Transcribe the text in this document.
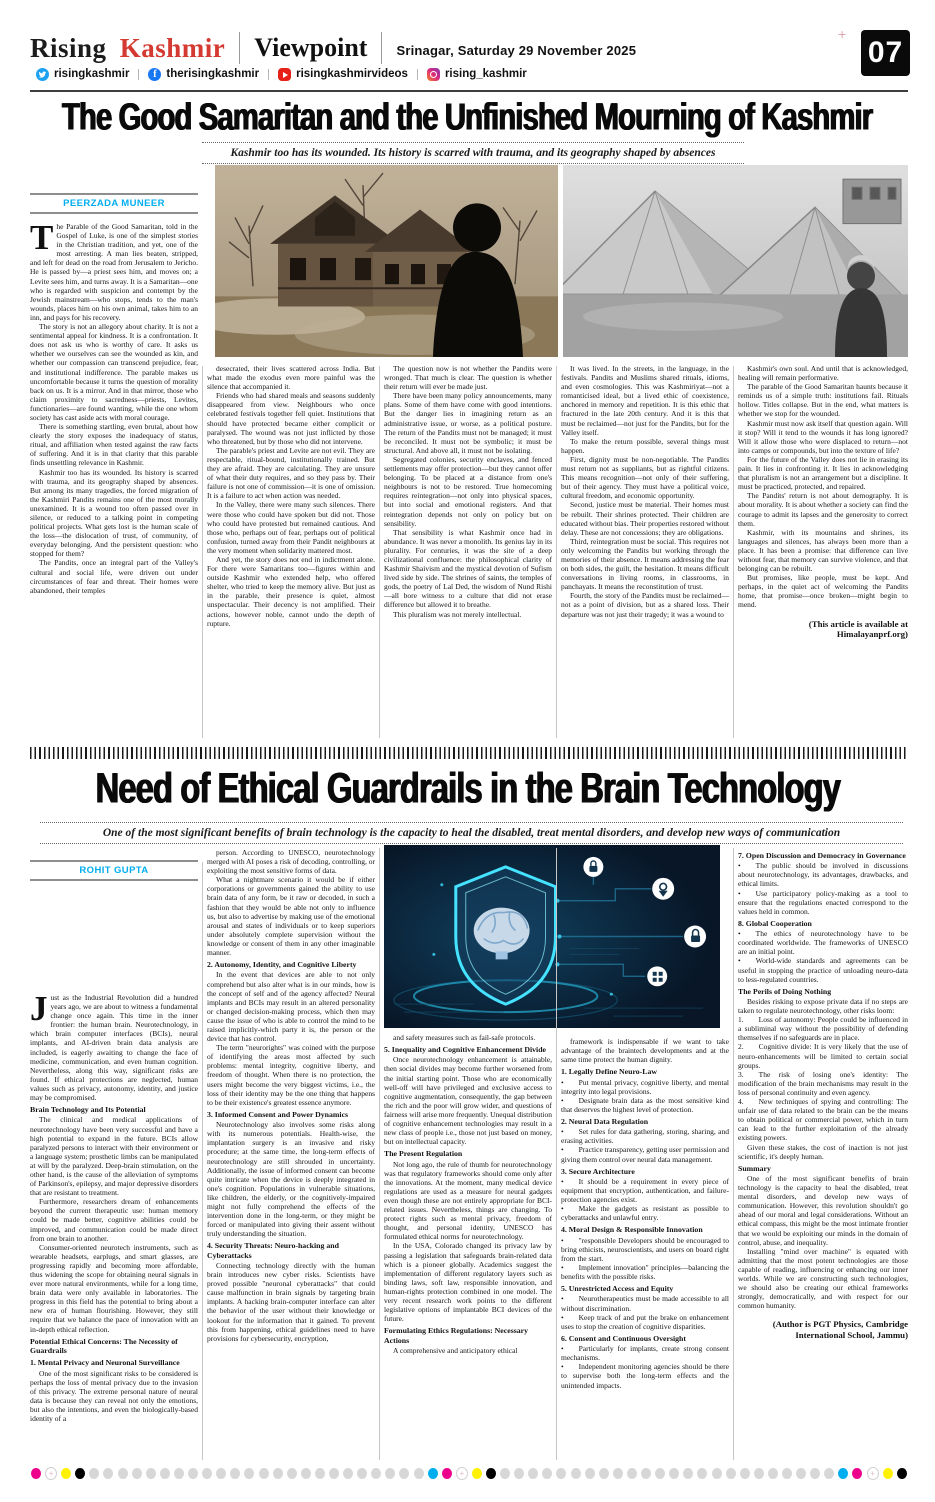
Rising Kashmir Viewpoint Srinagar, Saturday 29 November 2025
risingkashmir	f therisingkashmir	risingkashmirvideos	rising_kashmir
+
07
The Good Samaritan and the Unfinished Mourning of Kashmir
Kashmir too has its wounded. Its history is scarred with trauma, and its geography shaped by absences
PEERZADA MUNEER

The Parable of the Good Samaritan, told in the Gospel of Luke, is one of the simplest stories in the Christian tradition, and yet, one of the most arresting. A man lies beaten, stripped, and left for dead on the road from Jerusalem to Jericho. He is passed by—a priest sees him, and moves on; a Levite sees him, and turns away. It is a Samaritan—one who is regarded with suspicion and contempt by the Jewish mainstream—who stops, tends to the man's wounds, places him on his own animal, takes him to an inn, and pays for his recovery.

The story is not an allegory about charity. It is not a sentimental appeal for kindness. It is a confrontation. It does not ask us who is worthy of care. It asks us whether we ourselves can see the wounded as kin, and whether our compassion can transcend prejudice, fear, and institutional indifference. The parable makes us uncomfortable because it turns the question of morality back on us. It is a mirror. And in that mirror, those who claim proximity to sacredness—priests, Levites, functionaries—are found wanting, while the one whom society has cast aside acts with moral courage.

There is something startling, even brutal, about how clearly the story exposes the inadequacy of status, ritual, and affiliation when tested against the raw facts of suffering. And it is in that clarity that this parable finds unsettling relevance in Kashmir.

Kashmir too has its wounded. Its history is scarred with trauma, and its geography shaped by absences. But among its many tragedies, the forced migration of the Kashmiri Pandits remains one of the most morally unexamined. It is a wound too often passed over in silence, or reduced to a talking point in competing political projects. What gets lost is the human scale of the loss—the dislocation of trust, of community, of everyday belonging. And the persistent question: who stopped for them?

The Pandits, once an integral part of the Valley's cultural and social life, were driven out under circumstances of fear and threat. Their homes were abandoned, their temples

desecrated, their lives scattered across India. But what made the exodus even more painful was the silence that accompanied it.

Friends who had shared meals and seasons suddenly disappeared from view. Neighbours who once celebrated festivals together fell quiet. Institutions that should have protected became either complicit or paralysed. The wound was not just inflicted by those who threatened, but by those who did not intervene.

The parable's priest and Levite are not evil. They are respectable, ritual-bound, institutionally trained. But they are afraid. They are calculating. They are unsure of what their duty requires, and so they pass by. Their failure is not one of commission—it is one of omission. It is a failure to act when action was needed.

In the Valley, there were many such silences. There were those who could have spoken but did not. Those who could have protested but remained cautious. And those who, perhaps out of fear, perhaps out of political confusion, turned away from their Pandit neighbours at the very moment when solidarity mattered most.

And yet, the story does not end in indictment alone. For there were Samaritans too—figures within and outside Kashmir who extended help, who offered shelter, who tried to keep the memory alive. But just as in the parable, their presence is quiet, almost unspectacular. Their decency is not amplified. Their actions, however noble, cannot undo the depth of rupture.

The question now is not whether the Pandits were wronged. That much is clear. The question is whether their return will ever be made just.

There have been many policy announcements, many plans. Some of them have come with good intentions. But the danger lies in imagining return as an administrative issue, or worse, as a political posture. The return of the Pandits must not be managed; it must be reconciled. It must not be symbolic; it must be structural. And above all, it must not be isolating.

Segregated colonies, security enclaves, and fenced settlements may offer protection—but they cannot offer belonging. To be placed at a distance from one's neighbours is not to be restored. True homecoming requires reintegration—not only into physical spaces, but into social and emotional registers. And that reintegration depends not only on policy but on sensibility.

That sensibility is what Kashmir once had in abundance. It was never a monolith. Its genius lay in its plurality. For centuries, it was the site of a deep civilizational confluence: the philosophical clarity of Kashmir Shaivism and the mystical devotion of Sufism lived side by side. The shrines of saints, the temples of gods, the poetry of Lal Ded, the wisdom of Nund Rishi—all bore witness to a culture that did not erase difference but allowed it to breathe.

This pluralism was not merely intellectual.

It was lived. In the streets, in the language, in the festivals. Pandits and Muslims shared rituals, idioms, and even cosmologies. This was Kashmiriyat—not a romanticised ideal, but a lived ethic of coexistence, anchored in memory and repetition. It is this ethic that fractured in the late 20th century. And it is this that must be reclaimed—not just for the Pandits, but for the Valley itself.

To make the return possible, several things must happen.

First, dignity must be non-negotiable. The Pandits must return not as suppliants, but as rightful citizens. This means recognition—not only of their suffering, but of their agency. They must have a political voice, cultural freedom, and economic opportunity.

Second, justice must be material. Their homes must be rebuilt. Their shrines protected. Their children are educated without bias. Their properties restored without delay. These are not concessions; they are obligations.

Third, reintegration must be social. This requires not only welcoming the Pandits but working through the memories of their absence. It means addressing the fear on both sides, the guilt, the hesitation. It means difficult conversations in living rooms, in classrooms, in panchayats. It means the reconstitution of trust.

Fourth, the story of the Pandits must be reclaimed—not as a point of division, but as a shared loss. Their departure was not just their tragedy; it was a wound to

Kashmir's own soul. And until that is acknowledged, healing will remain performative.

The parable of the Good Samaritan haunts because it reminds us of a simple truth: institutions fail. Rituals hollow. Titles collapse. But in the end, what matters is whether we stop for the wounded.

Kashmir must now ask itself that question again. Will it stop? Will it tend to the wounds it has long ignored? Will it allow those who were displaced to return—not into camps or compounds, but into the texture of life?

For the future of the Valley does not lie in erasing its pain. It lies in confronting it. It lies in acknowledging that pluralism is not an arrangement but a discipline. It must be practiced, protected, and repaired.

The Pandits' return is not about demography. It is about morality. It is about whether a society can find the courage to admit its lapses and the generosity to correct them.

Kashmir, with its mountains and shrines, its languages and silences, has always been more than a place. It has been a promise: that difference can live without fear, that memory can survive violence, and that belonging can be rebuilt.

But promises, like people, must be kept. And perhaps, in the quiet act of welcoming the Pandits home, that promise—once broken—might begin to mend.

(This article is available at Himalayanprf.org)
Need of Ethical Guardrails in the Brain Technology
One of the most significant benefits of brain technology is the capacity to heal the disabled, treat mental disorders, and develop new ways of communication
ROHIT GUPTA

Just as the Industrial Revolution did a hundred years ago, we are about to witness a fundamental change once again. This time in the inner frontier: the human brain. Neurotechnology, in which brain computer interfaces (BCIs), neural implants, and AI-driven brain data analysis are included, is eagerly awaiting to change the face of medicine, communication, and even human cognition. Nevertheless, along this way, significant risks are found. If ethical protections are neglected, human values such as privacy, autonomy, identity, and justice may be compromised.

Brain Technology and Its Potential

The clinical and medical applications of neurotechnology have been very successful and have a high potential to expand in the future. BCIs allow paralyzed persons to interact with their environment or a language system; prosthetic limbs can be manipulated at will by the paralyzed. Deep-brain stimulation, on the other hand, is the cause of the alleviation of symptoms of Parkinson's, epilepsy, and major depressive disorders that are resistant to treatment.

Furthermore, researchers dream of enhancements beyond the current therapeutic use: human memory could be made better, cognitive abilities could be improved, and communication could be made direct from one brain to another.

Consumer-oriented neurotech instruments, such as wearable headsets, earplugs, and smart glasses, are progressing rapidly and becoming more affordable, thus widening the scope for obtaining neural signals in ever more natural environments, while for a long time, brain data were only available in laboratories. The progress in this field has the potential to bring about a new era of human flourishing. However, they still require that we balance the pace of innovation with an in-depth ethical reflection.

Potential Ethical Concerns: The Necessity of Guardrails
1. Mental Privacy and Neuronal Surveillance

One of the most significant risks to be considered is perhaps the loss of mental privacy due to the invasion of this privacy. The extreme personal nature of neural data is because they can reveal not only the emotions, but also the intentions, and even the biologically-based identity of a

person. According to UNESCO, neurotechnology merged with AI poses a risk of decoding, controlling, or exploiting the most sensitive forms of data.

What a nightmare scenario it would be if either corporations or governments gained the ability to use brain data of any form, be it raw or decoded, in such a fashion that they would be able not only to influence us, but also to advertise by making use of the emotional arousal and states of individuals or to keep superiors under absolutely complete supervision without the knowledge or consent of them in any other imaginable manner.

2. Autonomy, Identity, and Cognitive Liberty

In the event that devices are able to not only comprehend but also alter what is in our minds, how is the concept of self and of the agency affected? Neural implants and BCIs may result in an altered personality or changed decision-making process, which then may cause the issue of who is able to control the mind to be raised implicitly-which party it is, the person or the device that has control.

The term "neurorights" was coined with the purpose of identifying the areas most affected by such problems: mental integrity, cognitive liberty, and freedom of thought. When there is no protection, the users might become the very biggest victims, i.e., the loss of their identity may be the one thing that happens to be their existence's greatest essence anymore.

3. Informed Consent and Power Dynamics

Neurotechnology also involves some risks along with its numerous potentials. Health-wise, the implantation surgery is an invasive and risky procedure; at the same time, the long-term effects of neurotechnology are still shrouded in uncertainty. Additionally, the issue of informed consent can become quite intricate when the device is deeply integrated in one's cognition. Populations in vulnerable situations, like children, the elderly, or the cognitively-impaired might not fully comprehend the effects of the intervention done in the long-term, or they might be forced or manipulated into giving their assent without truly understanding the situation.

4. Security Threats: Neuro-hacking and Cyberattacks

Connecting technology directly with the human brain introduces new cyber risks. Scientists have proved possible "neuronal cyberattacks" that could cause malfunction in brain signals by targeting brain implants. A hacking brain-computer interface can alter the behavior of the user without their knowledge or lookout for the information that it gained. To prevent this from happening, ethical guidelines need to have provisions for cybersecurity, encryption,

and safety measures such as fail-safe protocols.

5. Inequality and Cognitive Enhancement Divide

Once neurotechnology enhancement is attainable, then social divides may become further worsened from the initial starting point. Those who are economically well-off will have privileged and exclusive access to cognitive augmentation, consequently, the gap between the rich and the poor will grow wider, and questions of fairness will arise more frequently. Unequal distribution of cognitive enhancement technologies may result in a new class of people i.e., those not just based on money, but on intellectual capacity.

The Present Regulation

Not long ago, the rule of thumb for neurotechnology was that regulatory frameworks should come only after the innovations. At the moment, many medical device regulations are used as a measure for neural gadgets even though these are not entirely appropriate for BCI-related issues. Nevertheless, things are changing. To protect rights such as mental privacy, freedom of thought, and personal identity, UNESCO has formulated ethical norms for neurotechnology.

In the USA, Colorado changed its privacy law by passing a legislation that safeguards brain-related data which is a pioneer globally. Academics suggest the implementation of different regulatory layers such as binding laws, soft law, responsible innovation, and human-rights protection combined in one model. The very recent research work points to the different legislative options of implantable BCI devices of the future.

Formulating Ethics Regulations: Necessary Actions

A comprehensive and anticipatory ethical

framework is indispensable if we want to take advantage of the braintech developments and at the same time protect the human dignity.

1. Legally Define Neuro-Law

•  Put mental privacy, cognitive liberty, and mental integrity into legal provisions.

•  Designate brain data as the most sensitive kind that deserves the highest level of protection.

2. Neural Data Regulation

•  Set rules for data gathering, storing, sharing, and erasing activities.

•  Practice transparency, getting user permission and giving them control over neural data management.

3. Secure Architecture

•  It should be a requirement in every piece of equipment that encryption, authentication, and failure-protection agencies exist.

•  Make the gadgets as resistant as possible to cyberattacks and unlawful entry.

4. Moral Design & Responsible Innovation

•  "responsible Developers should be encouraged to bring ethicists, neuroscientists, and users on board right from the start.

•  Implement innovation" principles—balancing the benefits with the possible risks.

5. Unrestricted Access and Equity

•  Neurotherapeutics must be made accessible to all without discrimination.

•  Keep track of and put the brake on enhancement uses to stop the creation of cognitive disparities.

6. Consent and Continuous Oversight

•  Particularly for implants, create strong consent mechanisms.

•  Independent monitoring agencies should be there to supervise both the long-term effects and the unintended impacts.

7. Open Discussion and Democracy in Governance

•  The public should be involved in discussions about neurotechnology, its advantages, drawbacks, and ethical limits.

•  Use participatory policy-making as a tool to ensure that the regulations enacted correspond to the values held in common.

8. Global Cooperation

•  The ethics of neurotechnology have to be coordinated worldwide. The frameworks of UNESCO are an initial point.

•  World-wide standards and agreements can be useful in stopping the practice of unloading neuro-data to less-regulated countries.

The Perils of Doing Nothing

Besides risking to expose private data if no steps are taken to regulate neurotechnology, other risks loom:

1.  Loss of autonomy: People could be influenced in a subliminal way without the possibility of defending themselves if no safeguards are in place.

2.  Cognitive divide: It is very likely that the use of neuro-enhancements will be limited to certain social groups.

3.  The risk of losing one's identity: The modification of the brain mechanisms may result in the loss of personal continuity and even agency.

4.  New techniques of spying and controlling: The unfair use of data related to the brain can be the means to obtain political or commercial power, which in turn can lead to the further exploitation of the already existing powers.

Given these stakes, the cost of inaction is not just scientific, it's deeply human.

Summary

One of the most significant benefits of brain technology is the capacity to heal the disabled, treat mental disorders, and develop new ways of communication. However, this revolution shouldn't go ahead of our moral and legal considerations. Without an ethical compass, this might be the most intimate frontier that we would be exploiting our minds in the domain of control, abuse, and inequality.

Installing "mind over machine" is equated with admitting that the most potent technologies are those capable of reading, influencing or enhancing our inner worlds. While we are constructing such technologies, we should also be creating our ethical frameworks strongly, democratically, and with respect for our common humanity.

(Author is PGT Physics, Cambridge International School, Jammu)
+
+
+
